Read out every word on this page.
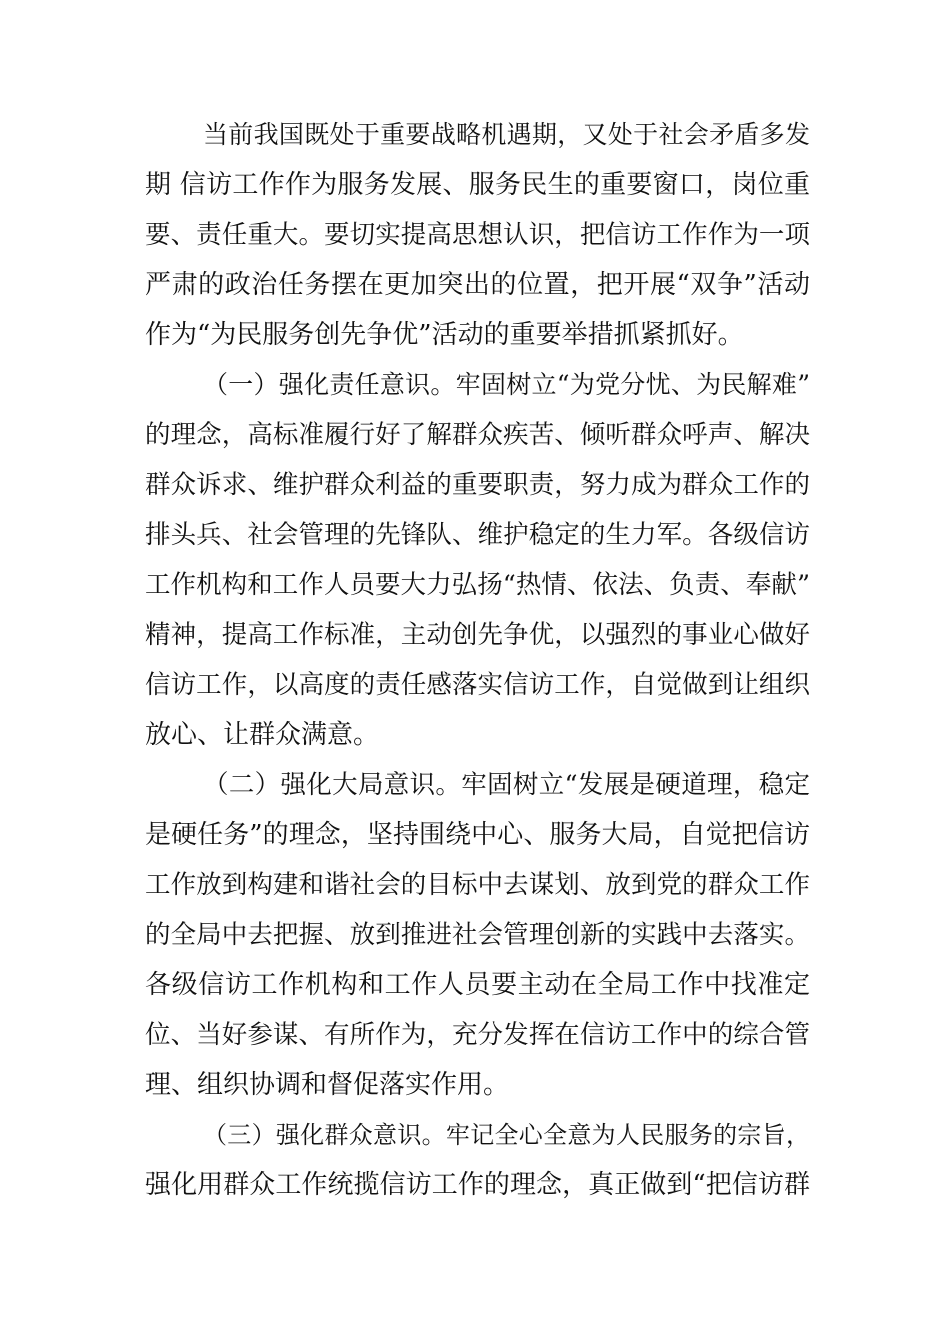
当前我国既处于重要战略机遇期，又处于社会矛盾多发
期 信访工作作为服务发展、服务民生的重要窗口，岗位重
要、责任重大。要切实提高思想认识，把信访工作作为一项
严肃的政治任务摆在更加突出的位置，把开展“双争”活动
作为“为民服务创先争优”活动的重要举措抓紧抓好。
（一）强化责任意识。牢固树立“为党分忧、为民解难”
的理念，高标准履行好了解群众疾苦、倾听群众呼声、解决
群众诉求、维护群众利益的重要职责，努力成为群众工作的
排头兵、社会管理的先锋队、维护稳定的生力军。各级信访
工作机构和工作人员要大力弘扬“热情、依法、负责、奉献”
精神，提高工作标准，主动创先争优，以强烈的事业心做好
信访工作，以高度的责任感落实信访工作，自觉做到让组织
放心、让群众满意。
（二）强化大局意识。牢固树立“发展是硬道理，稳定
是硬任务”的理念，坚持围绕中心、服务大局，自觉把信访
工作放到构建和谐社会的目标中去谋划、放到党的群众工作
的全局中去把握、放到推进社会管理创新的实践中去落实。
各级信访工作机构和工作人员要主动在全局工作中找准定
位、当好参谋、有所作为，充分发挥在信访工作中的综合管
理、组织协调和督促落实作用。
（三）强化群众意识。牢记全心全意为人民服务的宗旨，
强化用群众工作统揽信访工作的理念，真正做到“把信访群
